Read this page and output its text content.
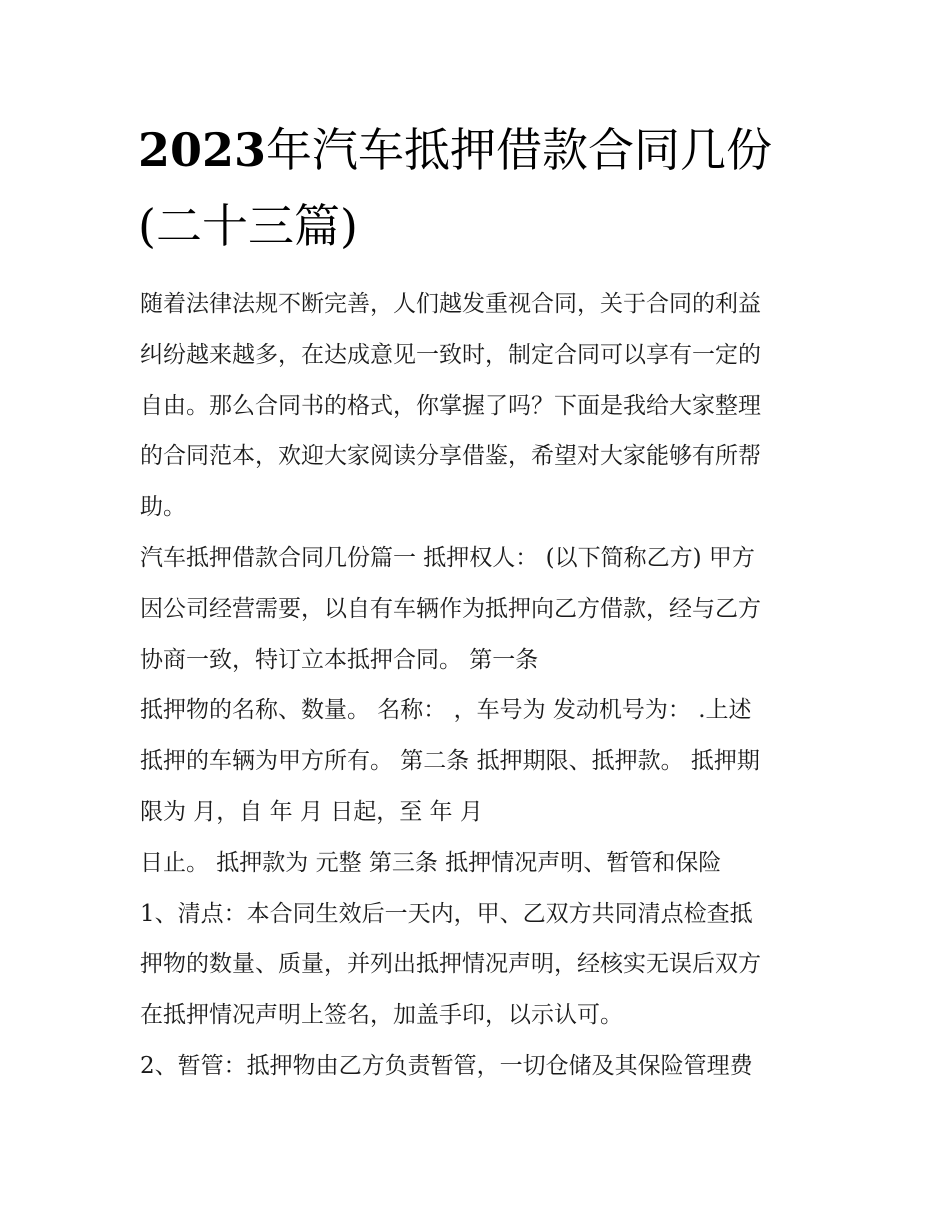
2023年汽车抵押借款合同几份
(二十三篇)
随着法律法规不断完善，人们越发重视合同，关于合同的利益
纠纷越来越多，在达成意见一致时，制定合同可以享有一定的
自由。那么合同书的格式，你掌握了吗？下面是我给大家整理
的合同范本，欢迎大家阅读分享借鉴，希望对大家能够有所帮
助。
汽车抵押借款合同几份篇一 抵押权人： (以下简称乙方) 甲方
因公司经营需要，以自有车辆作为抵押向乙方借款，经与乙方
协商一致，特订立本抵押合同。 第一条
抵押物的名称、数量。 名称： ，车号为 发动机号为： .上述
抵押的车辆为甲方所有。 第二条 抵押期限、抵押款。 抵押期
限为 月，自 年 月 日起，至 年 月
日止。 抵押款为 元整 第三条 抵押情况声明、暂管和保险
1、清点：本合同生效后一天内，甲、乙双方共同清点检查抵
押物的数量、质量，并列出抵押情况声明，经核实无误后双方
在抵押情况声明上签名，加盖手印，以示认可。
2、暂管：抵押物由乙方负责暂管，一切仓储及其保险管理费
